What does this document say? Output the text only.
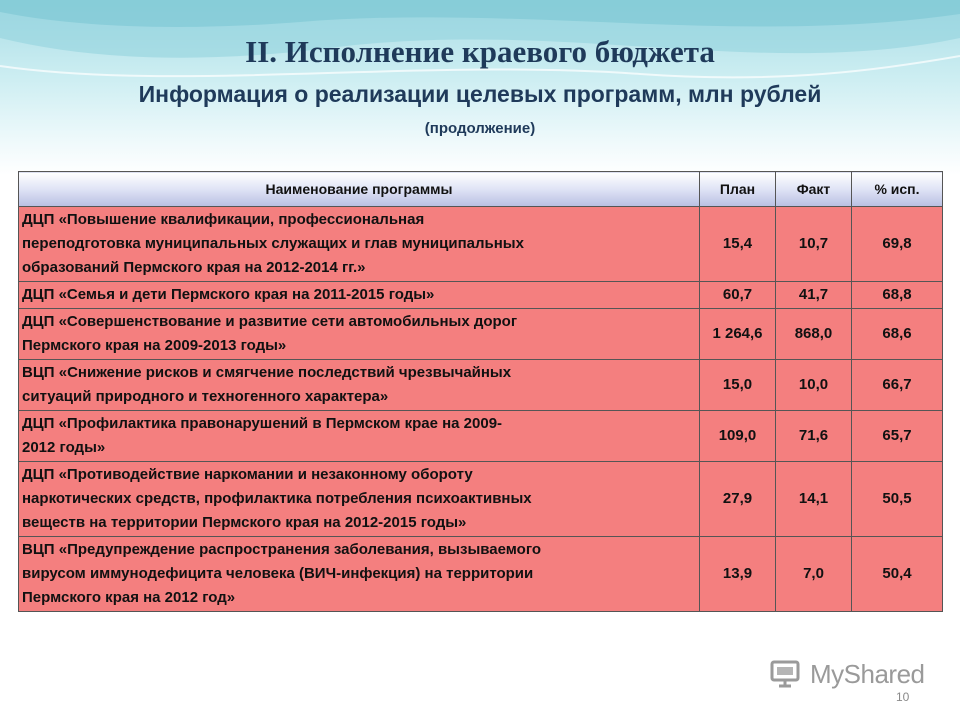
II. Исполнение краевого бюджета
Информация о реализации целевых программ, млн рублей
(продолжение)
Наименование программы	План	Факт	% исп.

ДЦП «Повышение квалификации, профессиональная
переподготовка муниципальных служащих и глав муниципальных
образований Пермского края на 2012-2014 гг.»	15,4	10,7	69,8

ДЦП «Семья и дети Пермского края на 2011-2015 годы»	60,7	41,7	68,8

ДЦП «Совершенствование и развитие сети автомобильных дорог
Пермского края на 2009-2013 годы»	1 264,6	868,0	68,6

ВЦП «Снижение рисков и смягчение последствий чрезвычайных
ситуаций природного и техногенного характера»	15,0	10,0	66,7

ДЦП «Профилактика правонарушений в Пермском крае на 2009-
2012 годы»	109,0	71,6	65,7

ДЦП «Противодействие наркомании и незаконному обороту
наркотических средств, профилактика потребления психоактивных
веществ на территории Пермского края на 2012-2015 годы»	27,9	14,1	50,5

ВЦП «Предупреждение распространения заболевания, вызываемого
вирусом иммунодефицита человека (ВИЧ-инфекция) на территории
Пермского края на 2012 год»	13,9	7,0	50,4
MyShared
10
